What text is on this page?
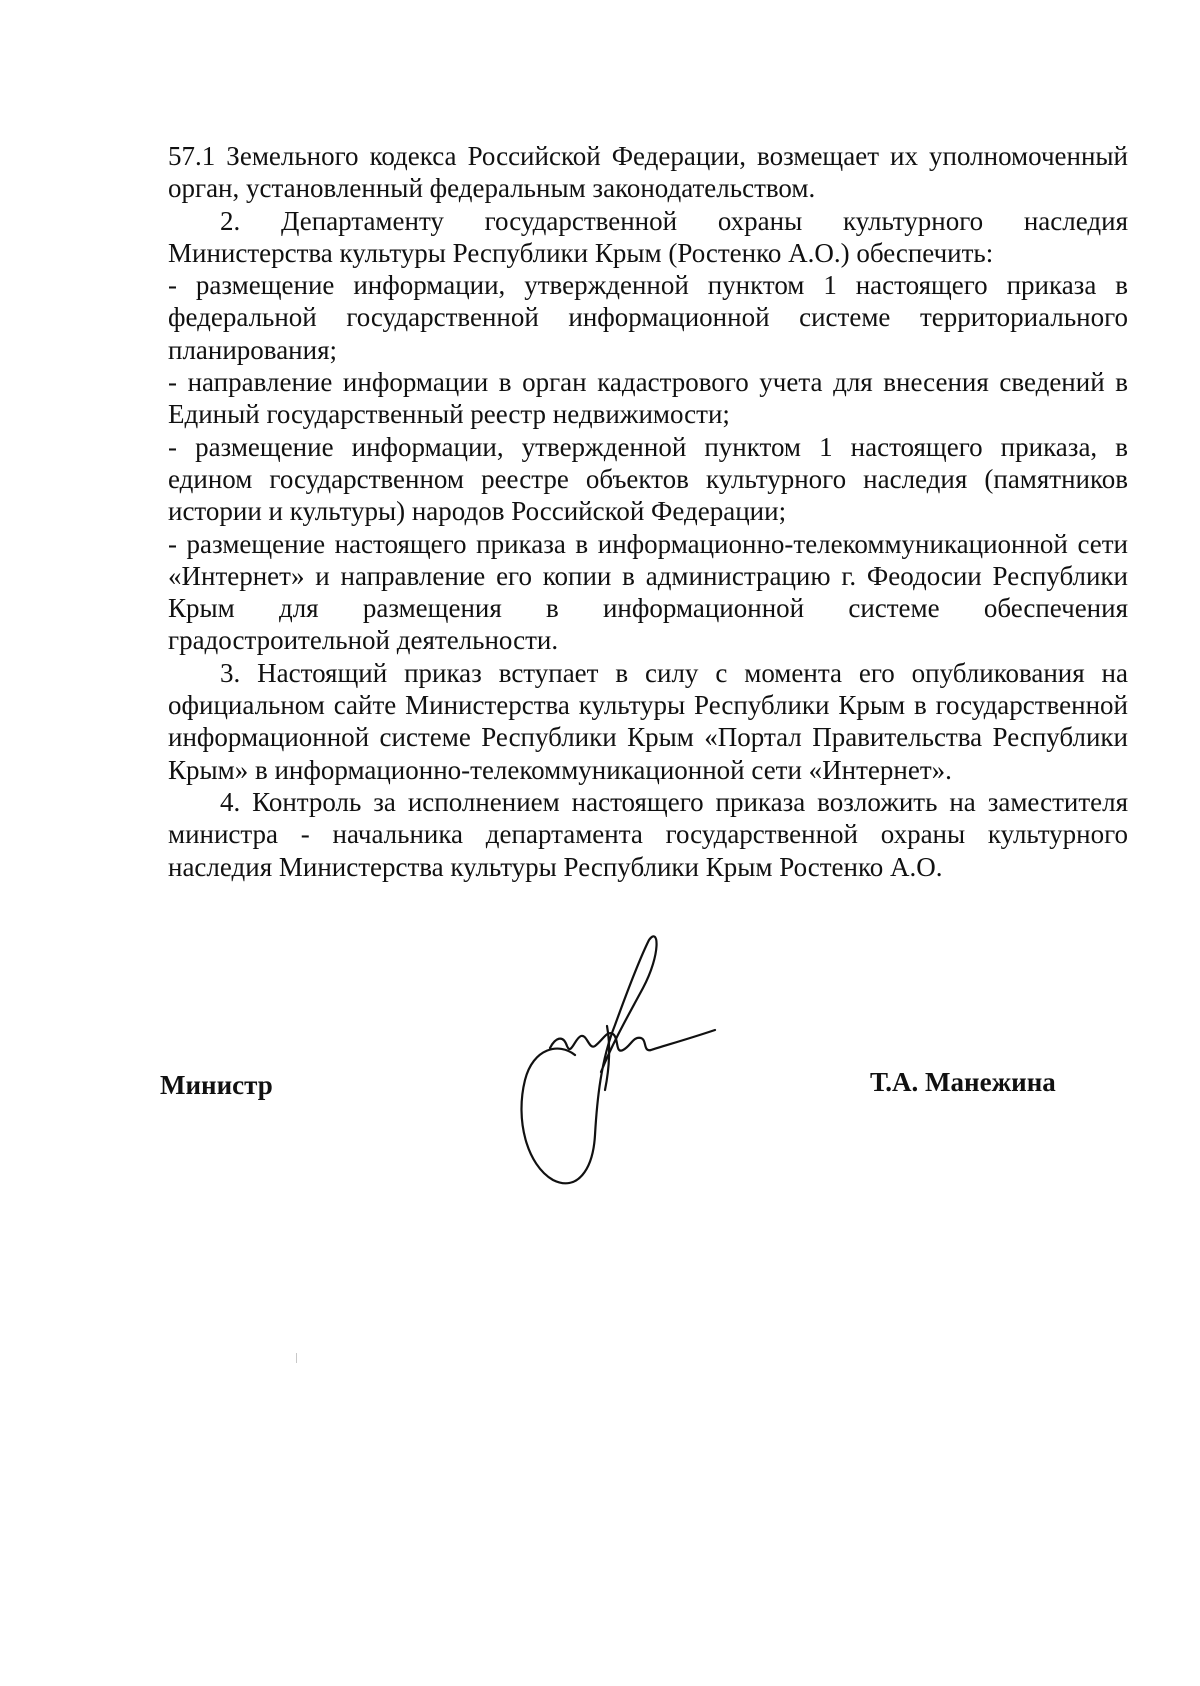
57.1 Земельного кодекса Российской Федерации, возмещает их уполномоченный орган, установленный федеральным законодательством.

2. Департаменту государственной охраны культурного наследия Министерства культуры Республики Крым (Ростенко А.О.) обеспечить:

- размещение информации, утвержденной пунктом 1 настоящего приказа в федеральной государственной информационной системе территориального планирования;

- направление информации в орган кадастрового учета для внесения сведений в Единый государственный реестр недвижимости;

- размещение информации, утвержденной пунктом 1 настоящего приказа, в едином государственном реестре объектов культурного наследия (памятников истории и культуры) народов Российской Федерации;

- размещение настоящего приказа в информационно-телекоммуникационной сети «Интернет» и направление его копии в администрацию г. Феодосии Республики Крым для размещения в информационной системе обеспечения градостроительной деятельности.

3. Настоящий приказ вступает в силу с момента его опубликования на официальном сайте Министерства культуры Республики Крым в государственной информационной системе Республики Крым «Портал Правительства Республики Крым» в информационно-телекоммуникационной сети «Интернет».

4. Контроль за исполнением настоящего приказа возложить на заместителя министра - начальника департамента государственной охраны культурного наследия Министерства культуры Республики Крым Ростенко А.О.

Министр	Т.А. Манежина
